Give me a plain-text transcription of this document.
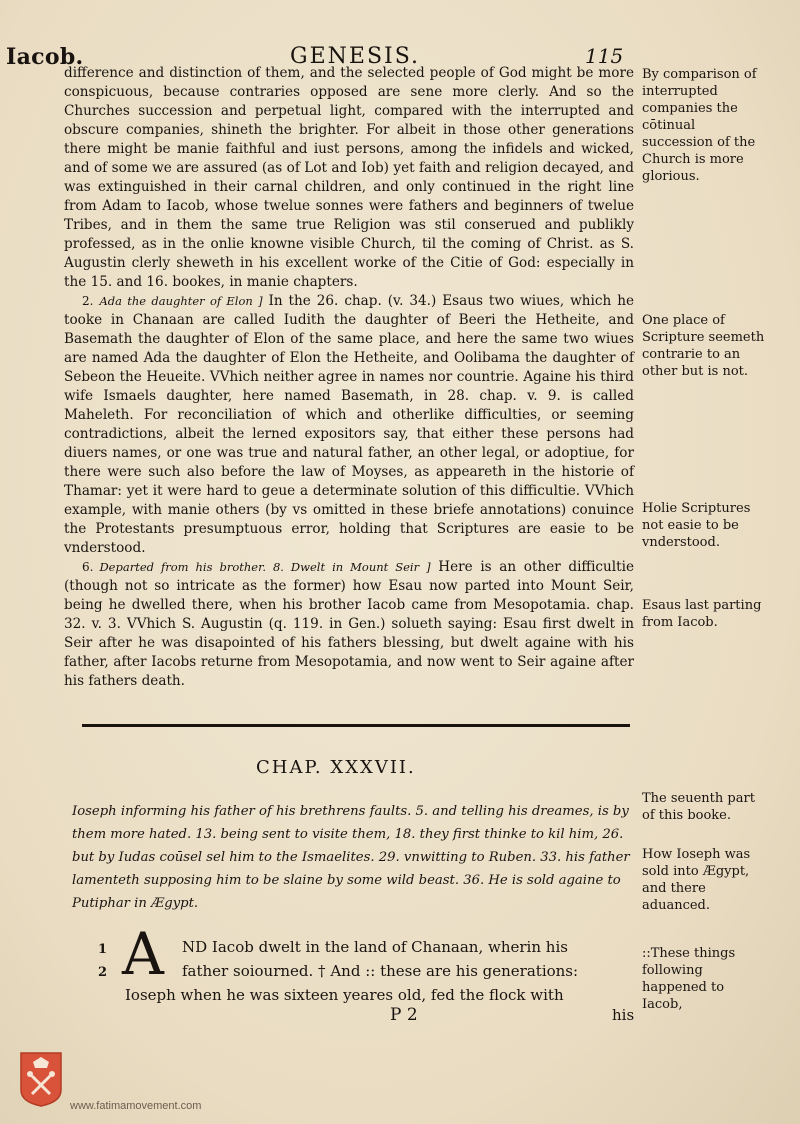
Iacob.	GENESIS.	115

difference and distinction of them, and the selected people of God might be more conspicuous, because contraries opposed are sene more clerly. And so the Churches succession and perpetual light, compared with the interrupted and obscure companies, shineth the brighter. For albeit in those other generations there might be manie faithful and iust persons, among the infidels and wicked, and of some we are assured (as of Lot and Iob) yet faith and religion decayed, and was extinguished in their carnal children, and only continued in the right line from Adam to Iacob, whose twelue sonnes were fathers and beginners of twelue Tribes, and in them the same true Religion was stil conserued and publikly professed, as in the onlie knowne visible Church, til the coming of Christ. as S. Augustin clerly sheweth in his excellent worke of the Citie of God: especially in the 15. and 16. bookes, in manie chapters.

2. Ada the daughter of Elon ] In the 26. chap. (v. 34.) Esaus two wiues, which he tooke in Chanaan are called Iudith the daughter of Beeri the Hetheite, and Basemath the daughter of Elon of the same place, and here the same two wiues are named Ada the daughter of Elon the Hetheite, and Oolibama the daughter of Sebeon the Heueite. VVhich neither agree in names nor countrie. Againe his third wife Ismaels daughter, here named Basemath, in 28. chap. v. 9. is called Maheleth. For reconciliation of which and otherlike difficulties, or seeming contradictions, albeit the lerned expositors say, that either these persons had diuers names, or one was true and natural father, an other legal, or adoptiue, for there were such also before the law of Moyses, as appeareth in the historie of Thamar: yet it were hard to geue a determinate solution of this difficultie. VVhich example, with manie others (by vs omitted in these briefe annotations) conuince the Protestants presumptuous error, holding that Scriptures are easie to be vnderstood.

6. Departed from his brother. 8. Dwelt in Mount Seir ] Here is an other difficultie (though not so intricate as the former) how Esau now parted into Mount Seir, being he dwelled there, when his brother Iacob came from Mesopotamia. chap. 32. v. 3. VVhich S. Augustin (q. 119. in Gen.) solueth saying: Esau first dwelt in Seir after he was disapointed of his fathers blessing, but dwelt againe with his father, after Iacobs returne from Mesopotamia, and now went to Seir againe after his fathers death.

By comparison of interrupted companies the cōtinual succession of the Church is more glorious.
One place of Scripture seemeth contrarie to an other but is not.
Holie Scriptures not easie to be vnderstood.
Esaus last parting from Iacob.
CHAP. XXXVII.
Ioseph informing his father of his brethrens faults. 5. and telling his dreames, is by them more hated. 13. being sent to visite them, 18. they first thinke to kil him, 26. but by Iudas coūsel sel him to the Ismaelites. 29. vnwitting to Ruben. 33. his father lamenteth supposing him to be slaine by some wild beast. 36. He is sold againe to Putiphar in Ægypt.
The seuenth part of this booke.
How Ioseph was sold into Ægypt, and there aduanced.
::These things following happened to Iacob,
1
2 A ND Iacob dwelt in the land of Chanaan, wherin his
father soiourned. † And :: these are his generations:
Ioseph when he was sixteen yeares old, fed the flock with
P 2	his
www.fatimamovement.com
